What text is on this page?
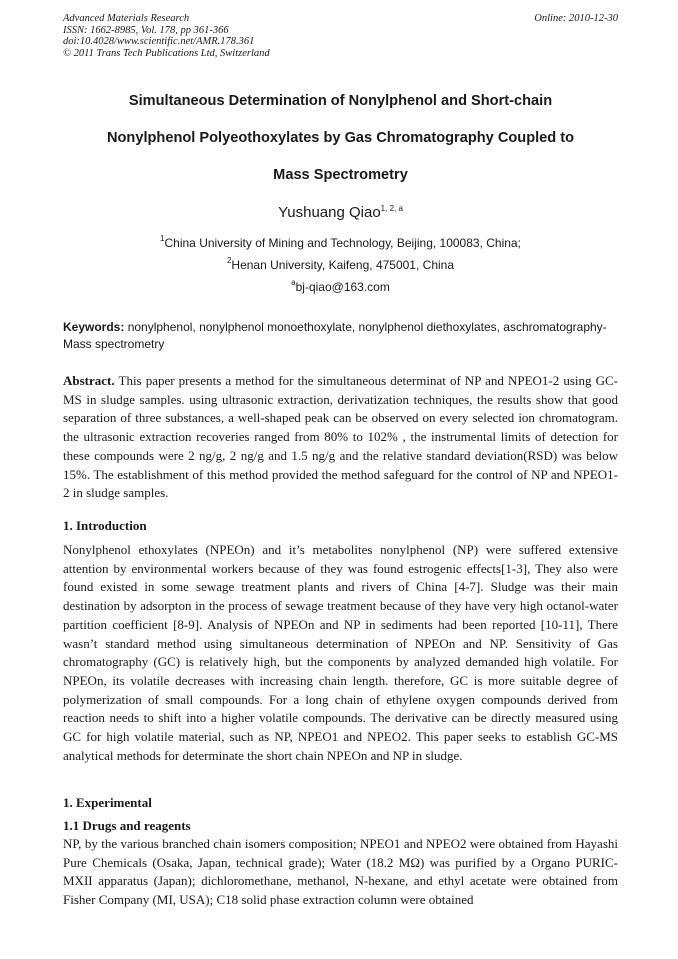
Advanced Materials Research
ISSN: 1662-8985, Vol. 178, pp 361-366
doi:10.4028/www.scientific.net/AMR.178.361
© 2011 Trans Tech Publications Ltd, Switzerland
Online: 2010-12-30
Simultaneous Determination of Nonylphenol and Short-chain
Nonylphenol Polyeothoxylates by Gas Chromatography Coupled to
Mass Spectrometry
Yushuang Qiao$^{1, 2, a}$
$^1$China University of Mining and Technology, Beijing, 100083, China;
$^2$Henan University, Kaifeng, 475001, China
$^a$bj-qiao@163.com
Keywords: nonylphenol, nonylphenol monoethoxylate, nonylphenol diethoxylates, aschromatography-Mass spectrometry
Abstract. This paper presents a method for the simultaneous determinat of NP and NPEO1-2 using GC-MS in sludge samples. using ultrasonic extraction, derivatization techniques, the results show that good separation of three substances, a well-shaped peak can be observed on every selected ion chromatogram. the ultrasonic extraction recoveries ranged from 80% to 102% , the instrumental limits of detection for these compounds were 2 ng/g, 2 ng/g and 1.5 ng/g and the relative standard deviation(RSD) was below 15%. The establishment of this method provided the method safeguard for the control of NP and NPEO1-2 in sludge samples.
1. Introduction
Nonylphenol ethoxylates (NPEOn) and it’s metabolites nonylphenol (NP) were suffered extensive attention by environmental workers because of they was found estrogenic effects[1-3], They also were found existed in some sewage treatment plants and rivers of China [4-7]. Sludge was their main destination by adsorpton in the process of sewage treatment because of they have very high octanol-water partition coefficient [8-9]. Analysis of NPEOn and NP in sediments had been reported [10-11], There wasn’t standard method using simultaneous determination of NPEOn and NP. Sensitivity of Gas chromatography (GC) is relatively high, but the components by analyzed demanded high volatile. For NPEOn, its volatile decreases with increasing chain length. therefore, GC is more suitable degree of polymerization of small compounds. For a long chain of ethylene oxygen compounds derived from reaction needs to shift into a higher volatile compounds. The derivative can be directly measured using GC for high volatile material, such as NP, NPEO1 and NPEO2. This paper seeks to establish GC-MS analytical methods for determinate the short chain NPEOn and NP in sludge.
1. Experimental
1.1 Drugs and reagents
NP, by the various branched chain isomers composition; NPEO1 and NPEO2 were obtained from Hayashi Pure Chemicals (Osaka, Japan, technical grade); Water (18.2 MΩ) was purified by a Organo PURIC-MXII apparatus (Japan); dichloromethane, methanol, N-hexane, and ethyl acetate were obtained from Fisher Company (MI, USA); C18 solid phase extraction column were obtained
